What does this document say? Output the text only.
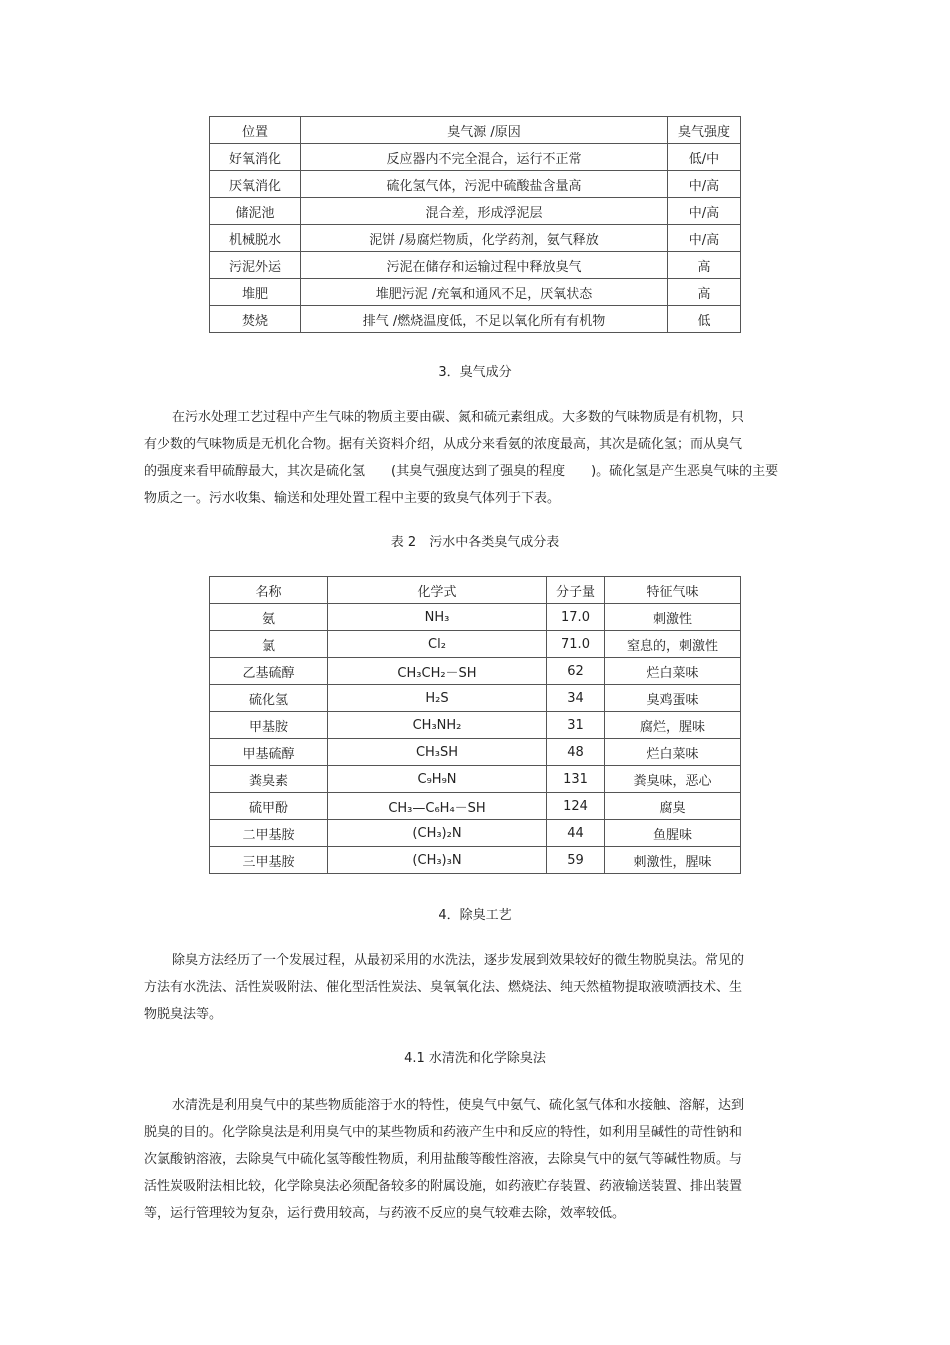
位置	臭气源 /原因	臭气强度
好氧消化	反应器内不完全混合，运行不正常	低/中
厌氧消化	硫化氢气体，污泥中硫酸盐含量高	中/高
储泥池	混合差，形成浮泥层	中/高
机械脱水	泥饼 /易腐烂物质，化学药剂，氨气释放	中/高
污泥外运	污泥在储存和运输过程中释放臭气	高
堆肥	堆肥污泥 /充氧和通风不足，厌氧状态	高
焚烧	排气 /燃烧温度低，不足以氧化所有有机物	低
3．臭气成分
在污水处理工艺过程中产生气味的物质主要由碳、氮和硫元素组成。大多数的气味物质是有机物，只
有少数的气味物质是无机化合物。据有关资料介绍，从成分来看氨的浓度最高，其次是硫化氢；而从臭气
的强度来看甲硫醇最大，其次是硫化氢　　(其臭气强度达到了强臭的程度　　)。硫化氢是产生恶臭气味的主要
物质之一。污水收集、输送和处理处置工程中主要的致臭气体列于下表。
表 2　污水中各类臭气成分表
名称	化学式	分子量	特征气味
氨	NH₃	17.0	刺激性
氯	Cl₂	71.0	窒息的，刺激性
乙基硫醇	CH₃CH₂－SH	62	烂白菜味
硫化氢	H₂S	34	臭鸡蛋味
甲基胺	CH₃NH₂	31	腐烂，腥味
甲基硫醇	CH₃SH	48	烂白菜味
粪臭素	C₉H₉N	131	粪臭味，恶心
硫甲酚	CH₃—C₆H₄－SH	124	腐臭
二甲基胺	(CH₃)₂N	44	鱼腥味
三甲基胺	(CH₃)₃N	59	刺激性，腥味
4．除臭工艺
除臭方法经历了一个发展过程，从最初采用的水洗法，逐步发展到效果较好的微生物脱臭法。常见的
方法有水洗法、活性炭吸附法、催化型活性炭法、臭氧氧化法、燃烧法、纯天然植物提取液喷洒技术、生
物脱臭法等。
4.1 水清洗和化学除臭法
水清洗是利用臭气中的某些物质能溶于水的特性，使臭气中氨气、硫化氢气体和水接触、溶解，达到
脱臭的目的。化学除臭法是利用臭气中的某些物质和药液产生中和反应的特性，如利用呈碱性的苛性钠和
次氯酸钠溶液，去除臭气中硫化氢等酸性物质，利用盐酸等酸性溶液，去除臭气中的氨气等碱性物质。与
活性炭吸附法相比较，化学除臭法必须配备较多的附属设施，如药液贮存装置、药液输送装置、排出装置
等，运行管理较为复杂，运行费用较高，与药液不反应的臭气较难去除，效率较低。
